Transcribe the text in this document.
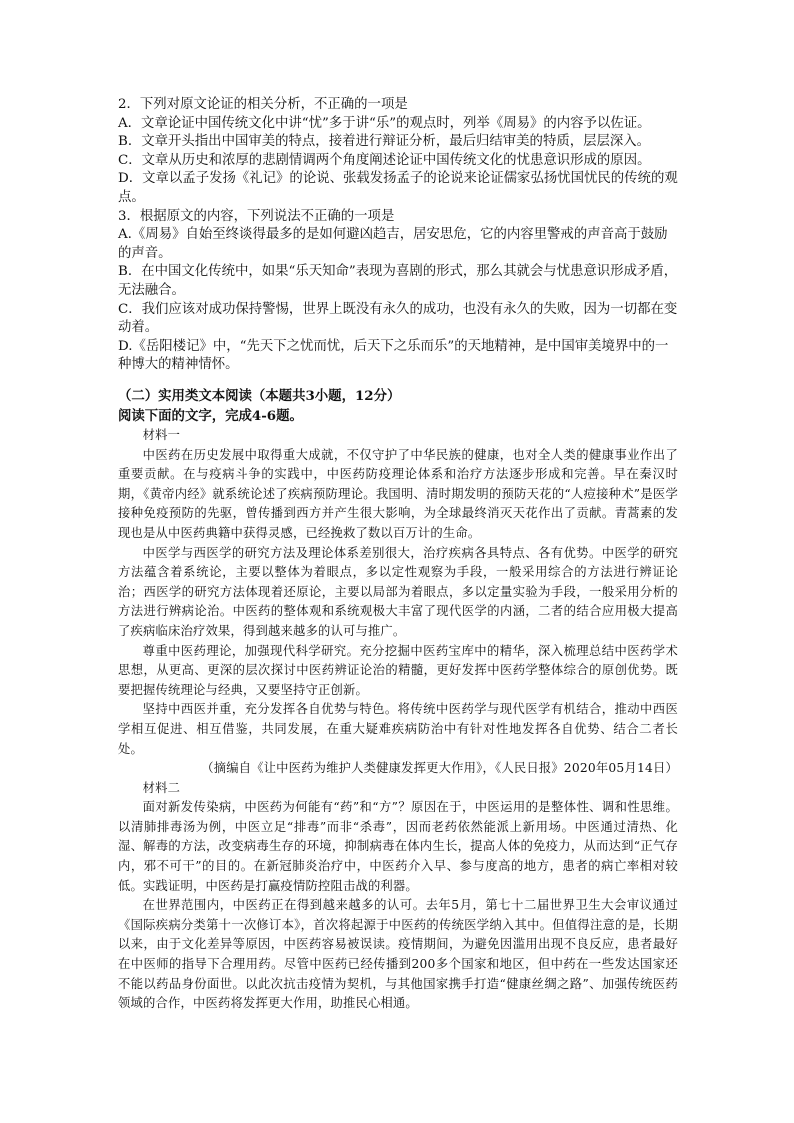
2．下列对原文论证的相关分析，不正确的一项是

A．文章论证中国传统文化中讲“忧”多于讲“乐”的观点时，列举《周易》的内容予以佐证。

B．文章开头指出中国审美的特点，接着进行辩证分析，最后归结审美的特质，层层深入。

C．文章从历史和浓厚的悲剧情调两个角度阐述论证中国传统文化的忧患意识形成的原因。

D．文章以孟子发扬《礼记》的论说、张载发扬孟子的论说来论证儒家弘扬忧国忧民的传统的观点。

3．根据原文的内容，下列说法不正确的一项是

A.《周易》自始至终谈得最多的是如何避凶趋吉，居安思危，它的内容里警戒的声音高于鼓励的声音。

B．在中国文化传统中，如果“乐天知命”表现为喜剧的形式，那么其就会与忧患意识形成矛盾，无法融合。

C．我们应该对成功保持警惕，世界上既没有永久的成功，也没有永久的失败，因为一切都在变动着。

D.《岳阳楼记》中，“先天下之忧而忧，后天下之乐而乐”的天地精神，是中国审美境界中的一种博大的精神情怀。

（二）实用类文本阅读（本题共3小题，12分）

阅读下面的文字，完成4-6题。

材料一

中医药在历史发展中取得重大成就，不仅守护了中华民族的健康，也对全人类的健康事业作出了重要贡献。在与疫病斗争的实践中，中医药防疫理论体系和治疗方法逐步形成和完善。早在秦汉时期，《黄帝内经》就系统论述了疾病预防理论。我国明、清时期发明的预防天花的“人痘接种术”是医学接种免疫预防的先驱，曾传播到西方并产生很大影响，为全球最终消灭天花作出了贡献。青蒿素的发现也是从中医药典籍中获得灵感，已经挽救了数以百万计的生命。

中医学与西医学的研究方法及理论体系差别很大，治疗疾病各具特点、各有优势。中医学的研究方法蕴含着系统论，主要以整体为着眼点，多以定性观察为手段，一般采用综合的方法进行辨证论治；西医学的研究方法体现着还原论，主要以局部为着眼点，多以定量实验为手段，一般采用分析的方法进行辨病论治。中医药的整体观和系统观极大丰富了现代医学的内涵，二者的结合应用极大提高了疾病临床治疗效果，得到越来越多的认可与推广。

尊重中医药理论，加强现代科学研究。充分挖掘中医药宝库中的精华，深入梳理总结中医药学术思想，从更高、更深的层次探讨中医药辨证论治的精髓，更好发挥中医药学整体综合的原创优势。既要把握传统理论与经典，又要坚持守正创新。

坚持中西医并重，充分发挥各自优势与特色。将传统中医药学与现代医学有机结合，推动中西医学相互促进、相互借鉴，共同发展，在重大疑难疾病防治中有针对性地发挥各自优势、结合二者长处。

（摘编自《让中医药为维护人类健康发挥更大作用》，《人民日报》2020年05月14日）

材料二

面对新发传染病，中医药为何能有“药”和“方”？原因在于，中医运用的是整体性、调和性思维。以清肺排毒汤为例，中医立足“排毒”而非“杀毒”，因而老药依然能派上新用场。中医通过清热、化湿、解毒的方法，改变病毒生存的环境，抑制病毒在体内生长，提高人体的免疫力，从而达到“正气存内，邪不可干”的目的。在新冠肺炎治疗中，中医药介入早、参与度高的地方，患者的病亡率相对较低。实践证明，中医药是打赢疫情防控阻击战的利器。

在世界范围内，中医药正在得到越来越多的认可。去年5月，第七十二届世界卫生大会审议通过《国际疾病分类第十一次修订本》，首次将起源于中医药的传统医学纳入其中。但值得注意的是，长期以来，由于文化差异等原因，中医药容易被误读。疫情期间，为避免因滥用出现不良反应，患者最好在中医师的指导下合理用药。尽管中医药已经传播到200多个国家和地区，但中药在一些发达国家还不能以药品身份面世。以此次抗击疫情为契机，与其他国家携手打造“健康丝绸之路”、加强传统医药领域的合作，中医药将发挥更大作用，助推民心相通。
